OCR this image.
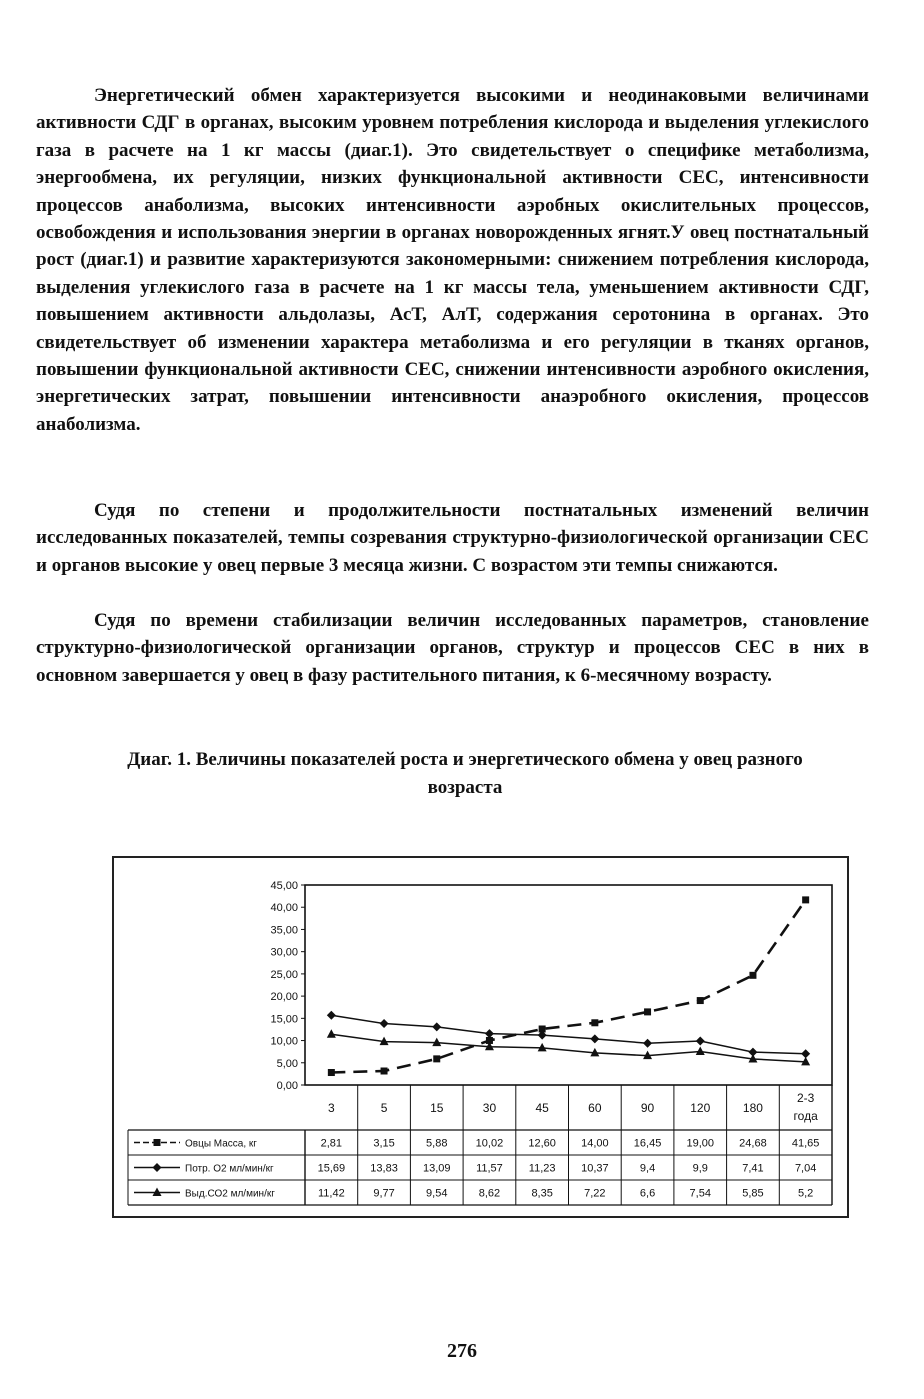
Энергетический обмен характеризуется высокими и неодинаковыми величинами активности СДГ в органах, высоким уровнем потребления кислорода и выделения углекислого газа в расчете на 1 кг массы (диаг.1). Это свидетельствует о специфике метаболизма, энергообмена, их регуляции, низких функциональной активности СЕС, интенсивности процессов анаболизма, высоких интенсивности аэробных окислительных процессов, освобождения и использования энергии в органах новорожденных ягнят.У овец постнатальный рост (диаг.1) и развитие характеризуются закономерными: снижением потребления кислорода, выделения углекислого газа в расчете на 1 кг массы тела, уменьшением активности СДГ, повышением активности альдолазы, АсТ, АлТ, содержания серотонина в органах. Это свидетельствует об изменении характера метаболизма и его регуляции в тканях органов, повышении функциональной активности СЕС, снижении интенсивности аэробного окисления, энергетических затрат, повышении интенсивности анаэробного окисления, процессов анаболизма.

Судя по степени и продолжительности постнатальных изменений величин исследованных показателей, темпы созревания структурно-физиологической организации СЕС и органов высокие у овец первые 3 месяца жизни. С возрастом эти темпы снижаются.

Судя по времени стабилизации величин исследованных параметров, становление структурно-физиологической организации органов, структур и процессов СЕС в них в основном завершается у овец в фазу растительного питания, к 6-месячному возрасту.

Диаг. 1. Величины показателей роста и энергетического обмена у овец разного
возраста
0,00
5,00
10,00
15,00
20,00
25,00
30,00
35,00
40,00
45,00
3	5	15	30	45	60	90	120	180
2-3
года
Овцы Масса, кг	2,81	3,15	5,88	10,02 12,60 14,00 16,45 19,00 24,68 41,65
Потр. О2 мл/мин/кг	15,69 13,83 13,09 11,57 11,23 10,37	9,4	9,9	7,41	7,04
Выд.СО2 мл/мин/кг	11,42	9,77	9,54	8,62	8,35	7,22	6,6	7,54	5,85	5,2
276
